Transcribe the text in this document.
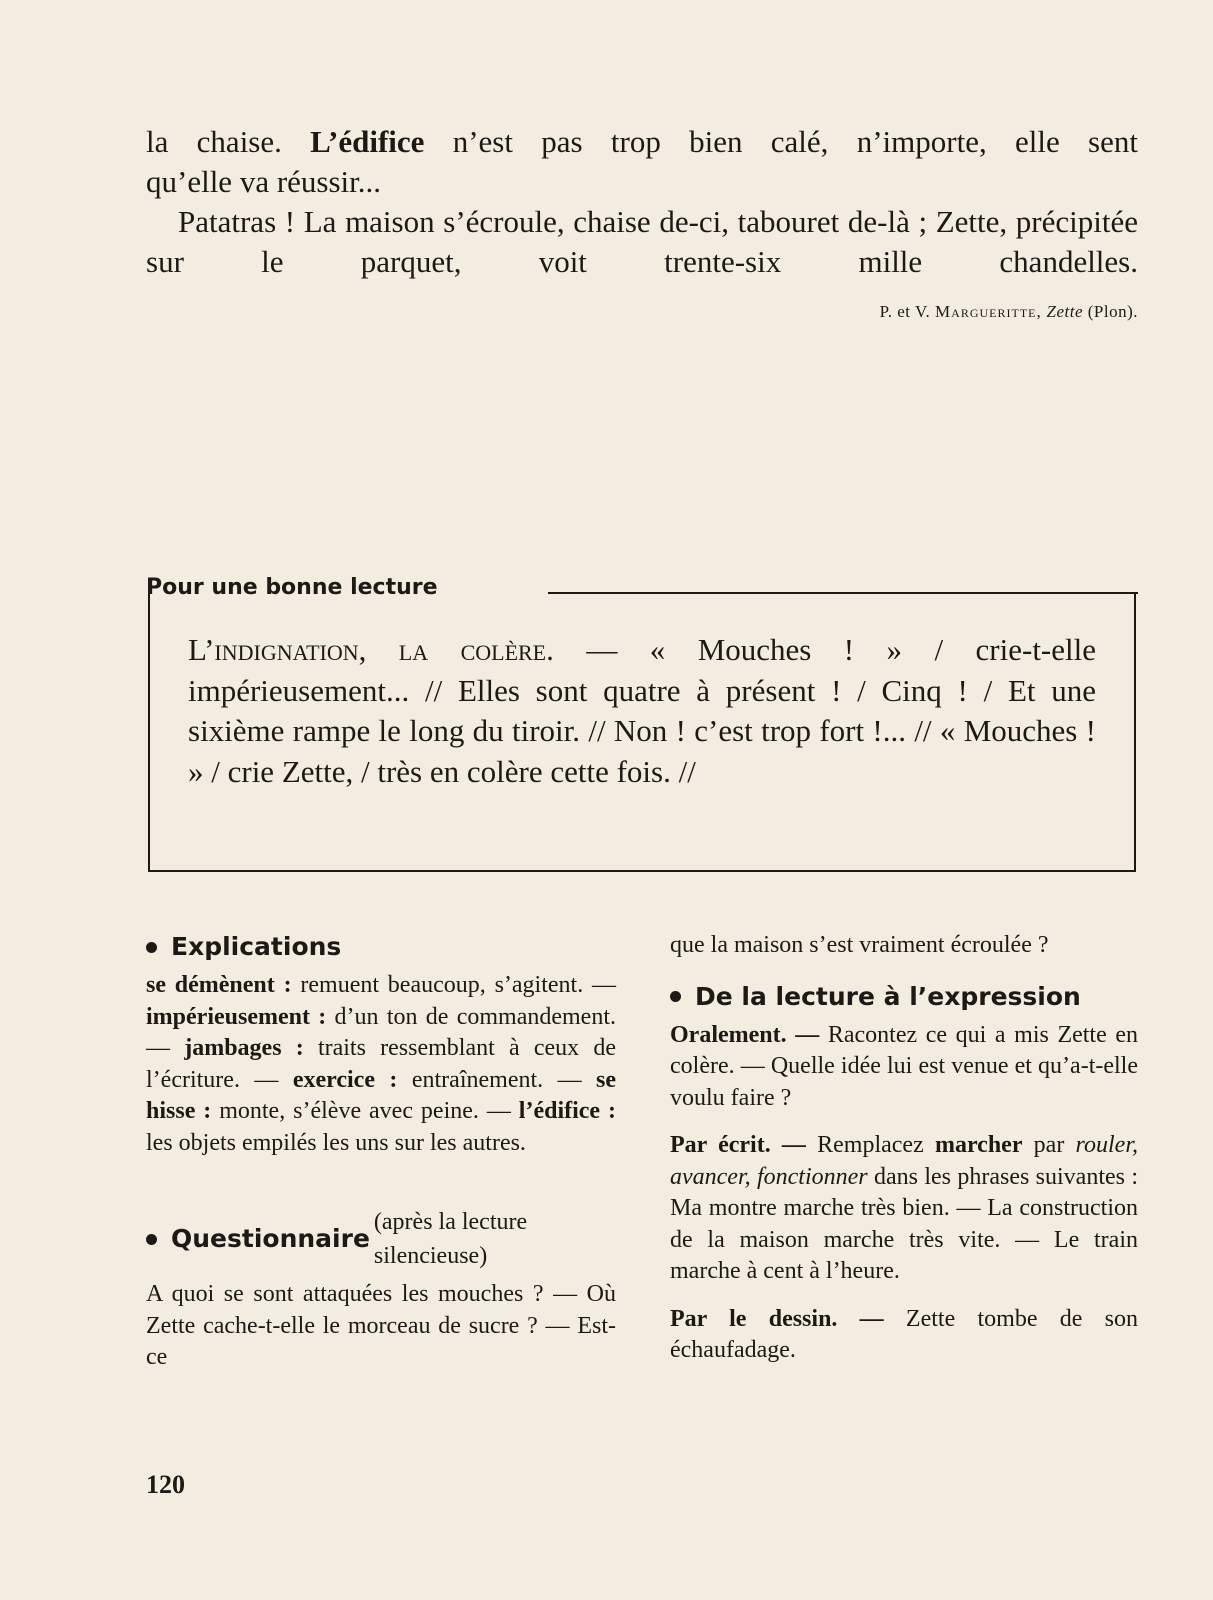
la chaise. L’édifice n’est pas trop bien calé, n’importe, elle sent

qu’elle va réussir...

Patatras ! La maison s’écroule, chaise de-ci, tabouret de-là ; Zette, précipitée sur le parquet, voit trente-six mille chandelles.

P. et V. Margueritte, Zette (Plon).
Pour une bonne lecture
L’indignation, la colère. — « Mouches ! » / crie-t-elle impérieusement... // Elles sont quatre à présent ! / Cinq ! / Et une sixième rampe le long du tiroir. // Non ! c’est trop fort !... // « Mouches ! » / crie Zette, / très en colère cette fois. //
Explications

se démènent : remuent beaucoup, s’agitent. — impérieusement : d’un ton de commandement. — jambages : traits ressemblant à ceux de l’écriture. — exercice : entraînement. — se hisse : monte, s’élève avec peine. — l’édifice : les objets empilés les uns sur les autres.

Questionnaire
(après la lecture silencieuse)

A quoi se sont attaquées les mouches ? — Où Zette cache-t-elle le morceau de sucre ? — Est-ce

que la maison s’est vraiment écroulée ?

De la lecture à l’expression

Oralement. — Racontez ce qui a mis Zette en colère. — Quelle idée lui est venue et qu’a-t-elle voulu faire ?

Par écrit. — Remplacez marcher par rouler, avancer, fonctionner dans les phrases suivantes : Ma montre marche très bien. — La construction de la maison marche très vite. — Le train marche à cent à l’heure.

Par le dessin. — Zette tombe de son échaufadage.

120
